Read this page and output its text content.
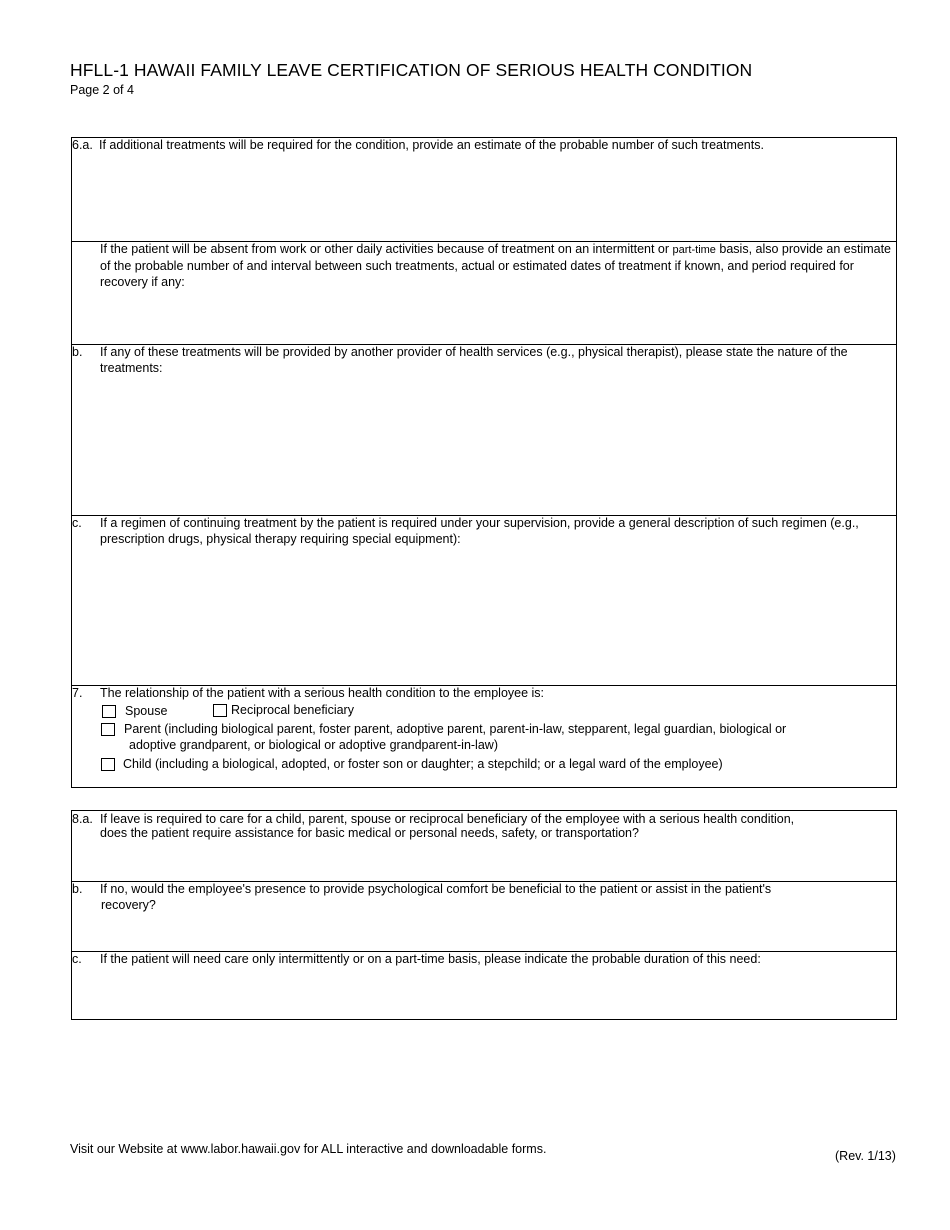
HFLL-1 HAWAII FAMILY LEAVE CERTIFICATION OF SERIOUS HEALTH CONDITION
Page 2 of 4
6.a. If additional treatments will be required for the condition, provide an estimate of the probable number of such treatments.
If the patient will be absent from work or other daily activities because of treatment on an intermittent or part-time basis, also provide an estimate of the probable number of and interval between such treatments, actual or estimated dates of treatment if known, and period required for recovery if any:
b.	If any of these treatments will be provided by another provider of health services (e.g., physical therapist), please state the nature of the treatments:
c.	If a regimen of continuing treatment by the patient is required under your supervision, provide a general description of such regimen (e.g., prescription drugs, physical therapy requiring special equipment):
7.	The relationship of the patient with a serious health condition to the employee is:
Spouse	Reciprocal beneficiary
Parent (including biological parent, foster parent, adoptive parent, parent-in-law, stepparent, legal guardian, biological or
adoptive grandparent, or biological or adoptive grandparent-in-law)
Child (including a biological, adopted, or foster son or daughter; a stepchild; or a legal ward of the employee)
8.a. If leave is required to care for a child, parent, spouse or reciprocal beneficiary of the employee with a serious health condition,
does the patient require assistance for basic medical or personal needs, safety, or transportation?
b.	If no, would the employee's presence to provide psychological comfort be beneficial to the patient or assist in the patient's
recovery?
c.	If the patient will need care only intermittently or on a part-time basis, please indicate the probable duration of this need:
Visit our Website at www.labor.hawaii.gov for ALL interactive and downloadable forms.	(Rev. 1/13)
